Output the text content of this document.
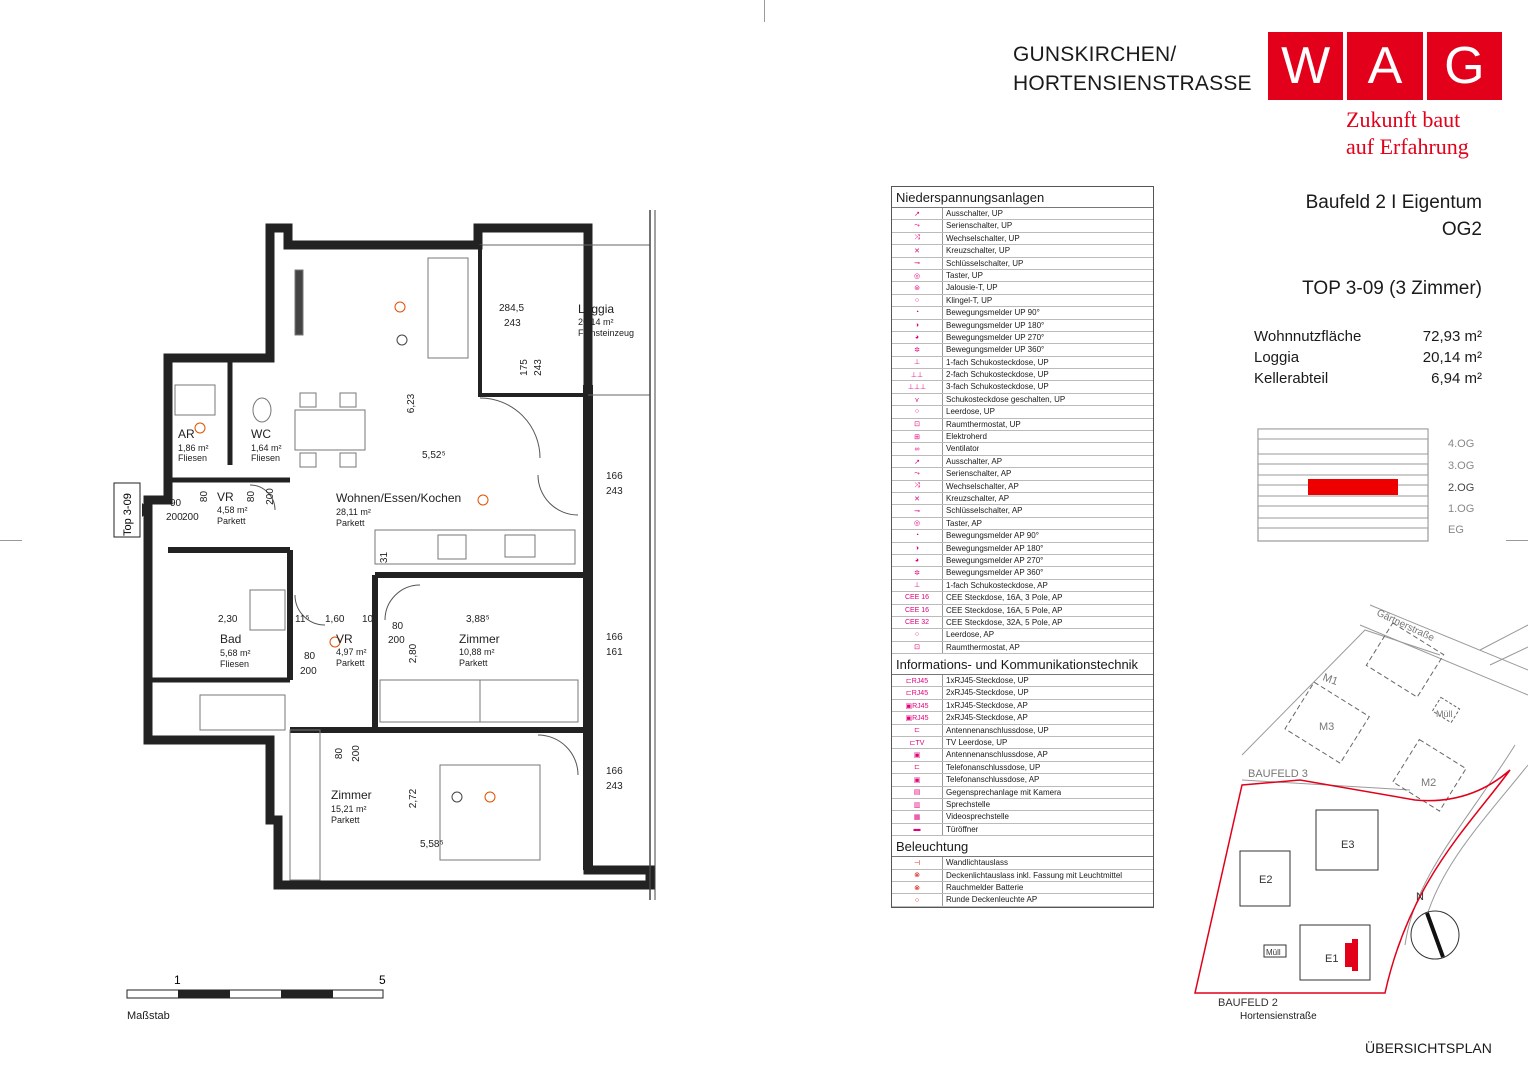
GUNSKIRCHEN/
HORTENSIENSTRASSE W A G
Zukunft baut
auf Erfahrung
Baufeld 2 I Eigentum
OG2
TOP 3-09 (3 Zimmer)
Wohnnutzfläche	72,93 m²
Loggia	20,14 m²
Kellerabteil	6,94 m²
4.OG
3.OG
2.OG
1.OG
EG
Niederspannungsanlagen
↗	Ausschalter, UP
⤳	Serienschalter, UP
⤨	Wechselschalter, UP
✕	Kreuzschalter, UP
⊸	Schlüsselschalter, UP
◎	Taster, UP
⊜	Jalousie-T, UP
○	Klingel-T, UP
◔	Bewegungsmelder UP 90°
◑	Bewegungsmelder UP 180°
◕	Bewegungsmelder UP 270°
✲	Bewegungsmelder UP 360°
⊥	1-fach Schukosteckdose, UP
⊥⊥	2-fach Schukosteckdose, UP
⊥⊥⊥	3-fach Schukosteckdose, UP
⋎	Schukosteckdose geschalten, UP
○	Leerdose, UP
⊡	Raumthermostat, UP
⊞	Elektroherd
∞	Ventilator
↗	Ausschalter, AP
⤳	Serienschalter, AP
⤨	Wechselschalter, AP
✕	Kreuzschalter, AP
⊸	Schlüsselschalter, AP
◎	Taster, AP
◔	Bewegungsmelder AP 90°
◑	Bewegungsmelder AP 180°
◕	Bewegungsmelder AP 270°
✲	Bewegungsmelder AP 360°
⊥	1-fach Schukosteckdose, AP
CEE 16	CEE Steckdose, 16A, 3 Pole, AP
CEE 16	CEE Steckdose, 16A, 5 Pole, AP
CEE 32	CEE Steckdose, 32A, 5 Pole, AP
○	Leerdose, AP
⊡	Raumthermostat, AP
Informations- und Kommunikationstechnik
⊏RJ45	1xRJ45-Steckdose, UP
⊏RJ45	2xRJ45-Steckdose, UP
▣RJ45	1xRJ45-Steckdose, AP
▣RJ45	2xRJ45-Steckdose, AP
⊏	Antennenanschlussdose, UP
⊏TV	TV Leerdose, UP
▣	Antennenanschlussdose, AP
⊏	Telefonanschlussdose, UP
▣	Telefonanschlussdose, AP
▤	Gegensprechanlage mit Kamera
▥	Sprechstelle
▦	Videosprechstelle
▬	Türöffner
Beleuchtung
⊣	Wandlichtauslass
⊗	Deckenlichtauslass inkl. Fassung mit Leuchtmittel
⊗	Rauchmelder Batterie
○	Runde Deckenleuchte AP
Top 3-09
Loggia
20,14 m²
Feinsteinzeug
AR
1,86 m²
Fliesen
WC
1,64 m²
Fliesen
VR
4,58 m²
Parkett
Wohnen/Essen/Kochen
28,11 m²
Parkett
Bad
5,68 m²
Fliesen
VR
4,97 m²
Parkett
Zimmer
10,88 m²
Parkett
Zimmer
15,21 m²
Parkett
284,5
243
175 243
6,23
5,52⁵
166
243
166
161
166
243
90
200
80 200
80
200
31
2,30	11⁵ 1,60 10
80
200
3,88⁵
2,80
80
200
80 200
2,72
5,58⁵
1	5
Maßstab
M1
M2
M3
Müll
E2
E3
E1
Müll
BAUFELD 3
BAUFELD 2
Gärtnerstraße
N
Hortensienstraße
ÜBERSICHTSPLAN
